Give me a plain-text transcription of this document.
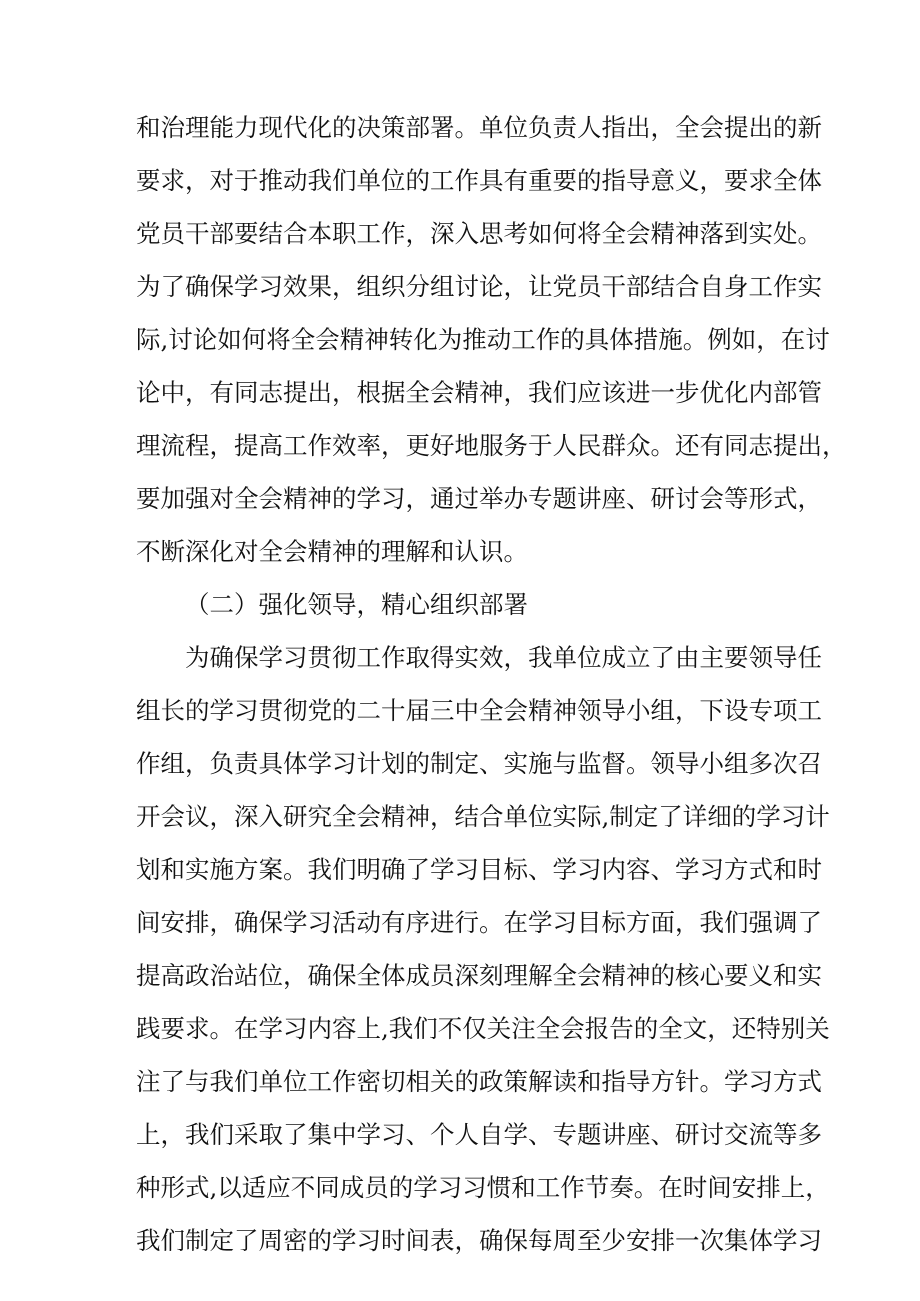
和治理能力现代化的决策部署。单位负责人指出，全会提出的新
要求，对于推动我们单位的工作具有重要的指导意义，要求全体
党员干部要结合本职工作，深入思考如何将全会精神落到实处。
为了确保学习效果，组织分组讨论，让党员干部结合自身工作实
际,讨论如何将全会精神转化为推动工作的具体措施。例如，在讨
论中，有同志提出，根据全会精神，我们应该进一步优化内部管
理流程，提高工作效率，更好地服务于人民群众。还有同志提出，
要加强对全会精神的学习，通过举办专题讲座、研讨会等形式，
不断深化对全会精神的理解和认识。
（二）强化领导，精心组织部署
为确保学习贯彻工作取得实效，我单位成立了由主要领导任
组长的学习贯彻党的二十届三中全会精神领导小组，下设专项工
作组，负责具体学习计划的制定、实施与监督。领导小组多次召
开会议，深入研究全会精神，结合单位实际,制定了详细的学习计
划和实施方案。我们明确了学习目标、学习内容、学习方式和时
间安排，确保学习活动有序进行。在学习目标方面，我们强调了
提高政治站位，确保全体成员深刻理解全会精神的核心要义和实
践要求。在学习内容上,我们不仅关注全会报告的全文，还特别关
注了与我们单位工作密切相关的政策解读和指导方针。学习方式
上，我们采取了集中学习、个人自学、专题讲座、研讨交流等多
种形式,以适应不同成员的学习习惯和工作节奏。在时间安排上，
我们制定了周密的学习时间表，确保每周至少安排一次集体学习
